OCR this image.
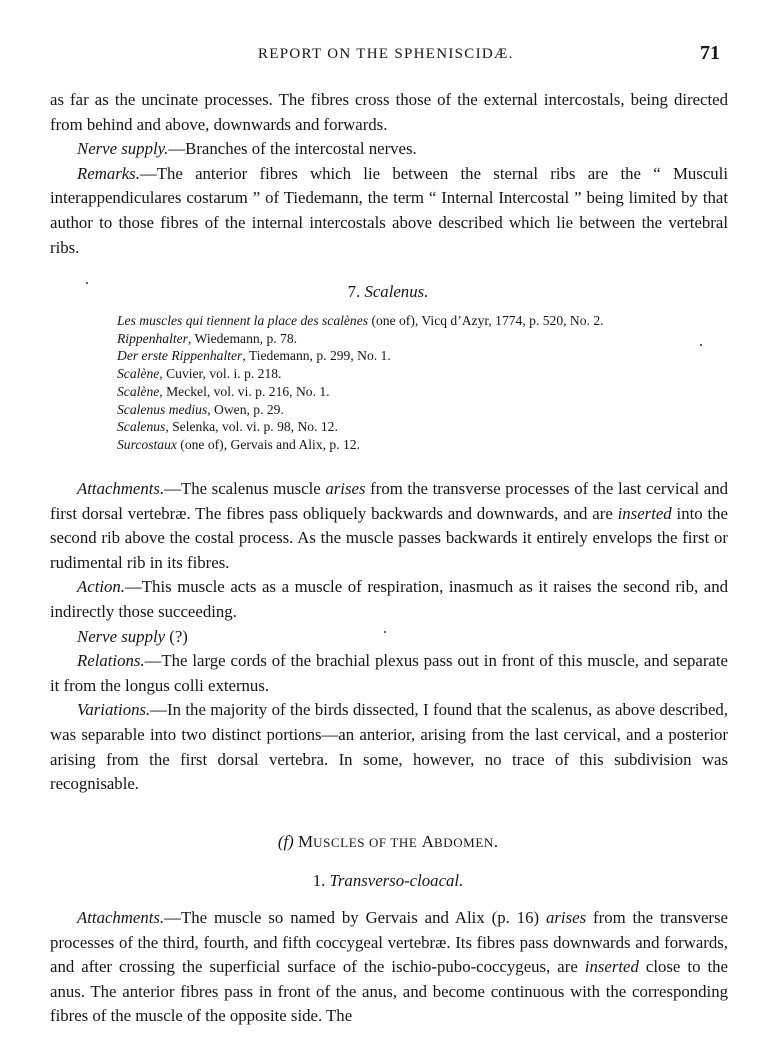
REPORT ON THE SPHENISCIDÆ.	71
as far as the uncinate processes. The fibres cross those of the external intercostals, being directed from behind and above, downwards and forwards.
Nerve supply.—Branches of the intercostal nerves.
Remarks.—The anterior fibres which lie between the sternal ribs are the “ Musculi interappendiculares costarum ” of Tiedemann, the term “ Internal Intercostal ” being limited by that author to those fibres of the internal intercostals above described which lie between the vertebral ribs.
7. Scalenus.
Les muscles qui tiennent la place des scalènes (one of), Vicq d’Azyr, 1774, p. 520, No. 2.
Rippenhalter, Wiedemann, p. 78.
Der erste Rippenhalter, Tiedemann, p. 299, No. 1.
Scalène, Cuvier, vol. i. p. 218.
Scalène, Meckel, vol. vi. p. 216, No. 1.
Scalenus medius, Owen, p. 29.
Scalenus, Selenka, vol. vi. p. 98, No. 12.
Surcostaux (one of), Gervais and Alix, p. 12.
Attachments.—The scalenus muscle arises from the transverse processes of the last cervical and first dorsal vertebræ. The fibres pass obliquely backwards and downwards, and are inserted into the second rib above the costal process. As the muscle passes backwards it entirely envelops the first or rudimental rib in its fibres.
Action.—This muscle acts as a muscle of respiration, inasmuch as it raises the second rib, and indirectly those succeeding.
Nerve supply (?)
Relations.—The large cords of the brachial plexus pass out in front of this muscle, and separate it from the longus colli externus.
Variations.—In the majority of the birds dissected, I found that the scalenus, as above described, was separable into two distinct portions—an anterior, arising from the last cervical, and a posterior arising from the first dorsal vertebra. In some, however, no trace of this subdivision was recognisable.
(f) MUSCLES OF THE ABDOMEN.
1. Transverso-cloacal.
Attachments.—The muscle so named by Gervais and Alix (p. 16) arises from the transverse processes of the third, fourth, and fifth coccygeal vertebræ. Its fibres pass downwards and forwards, and after crossing the superficial surface of the ischio-pubo-coccygeus, are inserted close to the anus. The anterior fibres pass in front of the anus, and become continuous with the corresponding fibres of the muscle of the opposite side. The
